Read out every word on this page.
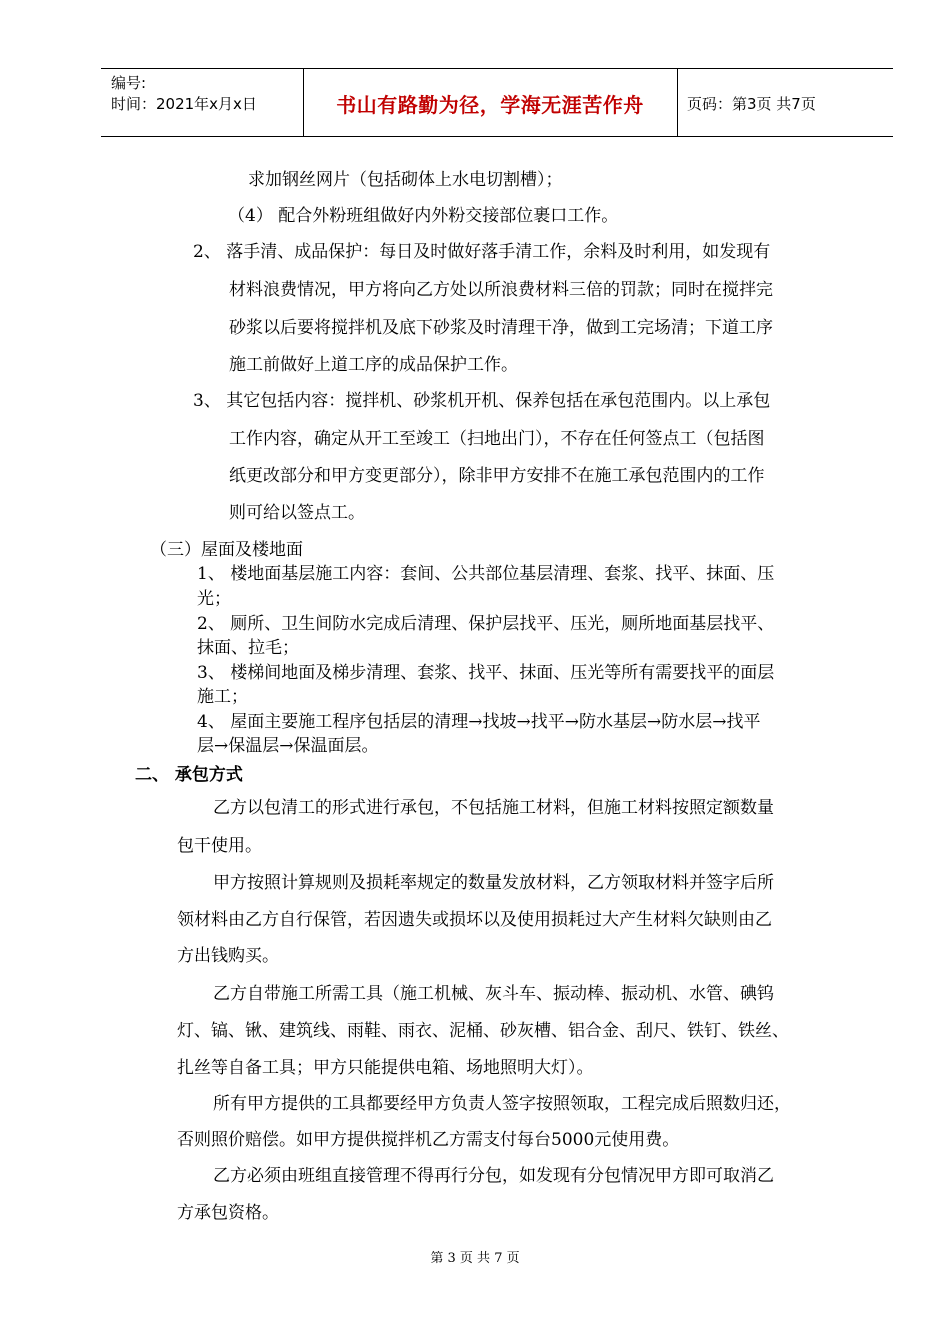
编号:
时间：2021年x月x日	书山有路勤为径，学海无涯苦作舟	页码：第3页 共7页
求加钢丝网片（包括砌体上水电切割槽）；
（4） 配合外粉班组做好内外粉交接部位裹口工作。
2、 落手清、成品保护：每日及时做好落手清工作，余料及时利用，如发现有
材料浪费情况，甲方将向乙方处以所浪费材料三倍的罚款；同时在搅拌完
砂浆以后要将搅拌机及底下砂浆及时清理干净，做到工完场清；下道工序
施工前做好上道工序的成品保护工作。
3、 其它包括内容：搅拌机、砂浆机开机、保养包括在承包范围内。以上承包
工作内容，确定从开工至竣工（扫地出门），不存在任何签点工（包括图
纸更改部分和甲方变更部分），除非甲方安排不在施工承包范围内的工作
则可给以签点工。
（三）屋面及楼地面
1、 楼地面基层施工内容：套间、公共部位基层清理、套浆、找平、抹面、压
光；
2、 厕所、卫生间防水完成后清理、保护层找平、压光，厕所地面基层找平、
抹面、拉毛；
3、 楼梯间地面及梯步清理、套浆、找平、抹面、压光等所有需要找平的面层
施工；
4、 屋面主要施工程序包括层的清理→找坡→找平→防水基层→防水层→找平
层→保温层→保温面层。
二、 承包方式
乙方以包清工的形式进行承包，不包括施工材料，但施工材料按照定额数量
包干使用。
甲方按照计算规则及损耗率规定的数量发放材料，乙方领取材料并签字后所
领材料由乙方自行保管，若因遗失或损坏以及使用损耗过大产生材料欠缺则由乙
方出钱购买。
乙方自带施工所需工具（施工机械、灰斗车、振动棒、振动机、水管、碘钨
灯、镐、锹、建筑线、雨鞋、雨衣、泥桶、砂灰槽、铝合金、刮尺、铁钉、铁丝、
扎丝等自备工具；甲方只能提供电箱、场地照明大灯）。
所有甲方提供的工具都要经甲方负责人签字按照领取，工程完成后照数归还，
否则照价赔偿。如甲方提供搅拌机乙方需支付每台5000元使用费。
乙方必须由班组直接管理不得再行分包，如发现有分包情况甲方即可取消乙
方承包资格。
第 3 页 共 7 页
